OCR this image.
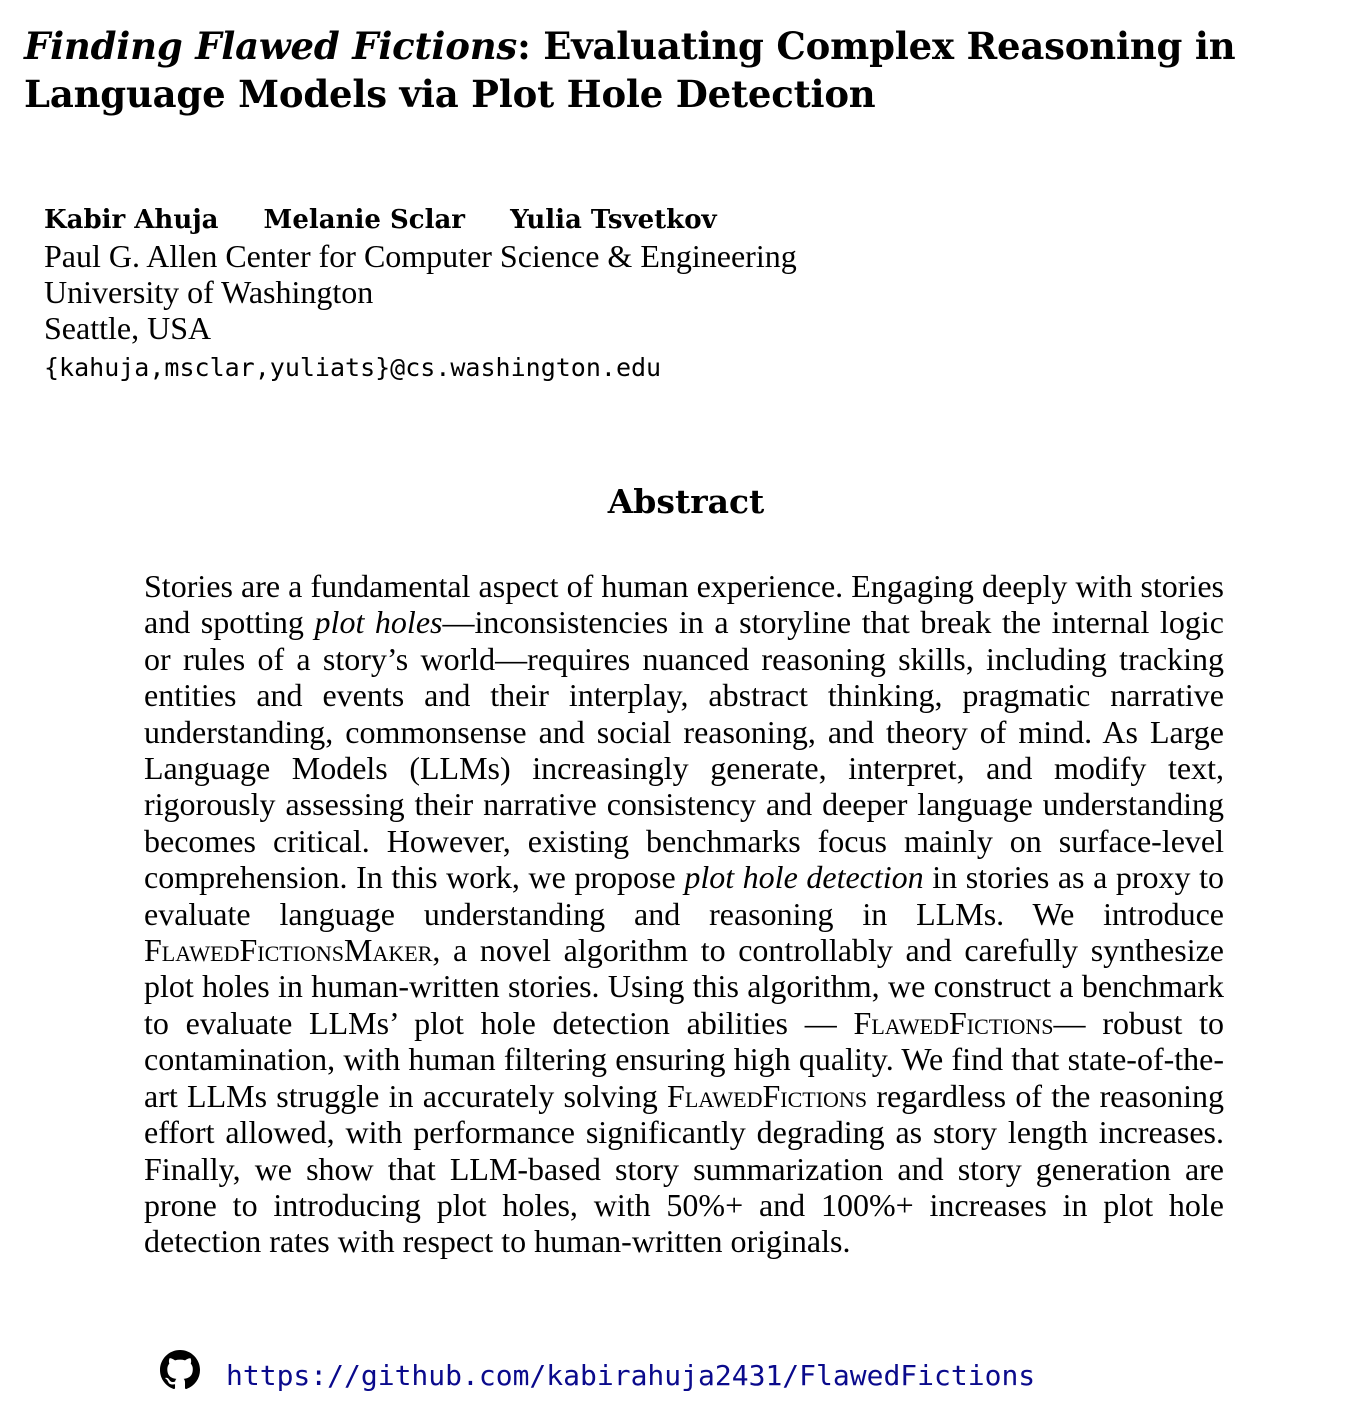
Finding Flawed Fictions: Evaluating Complex Reasoning in Language Models via Plot Hole Detection
Kabir Ahuja Melanie Sclar Yulia Tsvetkov
Paul G. Allen Center for Computer Science & Engineering
University of Washington
Seattle, USA
{kahuja,msclar,yuliats}@cs.washington.edu
Abstract

Stories are a fundamental aspect of human experience. Engaging deeply with stories and spotting plot holes—inconsistencies in a storyline that break the internal logic or rules of a story’s world—requires nuanced reasoning skills, including tracking entities and events and their interplay, abstract thinking, pragmatic narrative understanding, commonsense and social reasoning, and theory of mind. As Large Language Models (LLMs) increasingly generate, interpret, and modify text, rigorously assessing their narrative consistency and deeper language understanding becomes critical. However, existing benchmarks focus mainly on surface-level comprehension. In this work, we propose plot hole detection in stories as a proxy to evaluate language understanding and reasoning in LLMs. We introduce FlawedFictionsMaker, a novel algorithm to controllably and carefully synthesize plot holes in human-written stories. Using this algorithm, we construct a benchmark to evaluate LLMs’ plot hole detection abilities — FlawedFictions— robust to contamination, with human filtering ensuring high quality. We find that state-of-the-art LLMs struggle in accurately solving FlawedFictions regardless of the reasoning effort allowed, with performance significantly degrading as story length increases. Finally, we show that LLM-based story summarization and story generation are prone to introducing plot holes, with 50%+ and 100%+ increases in plot hole detection rates with respect to human-written originals.

https://github.com/kabirahuja2431/FlawedFictions
